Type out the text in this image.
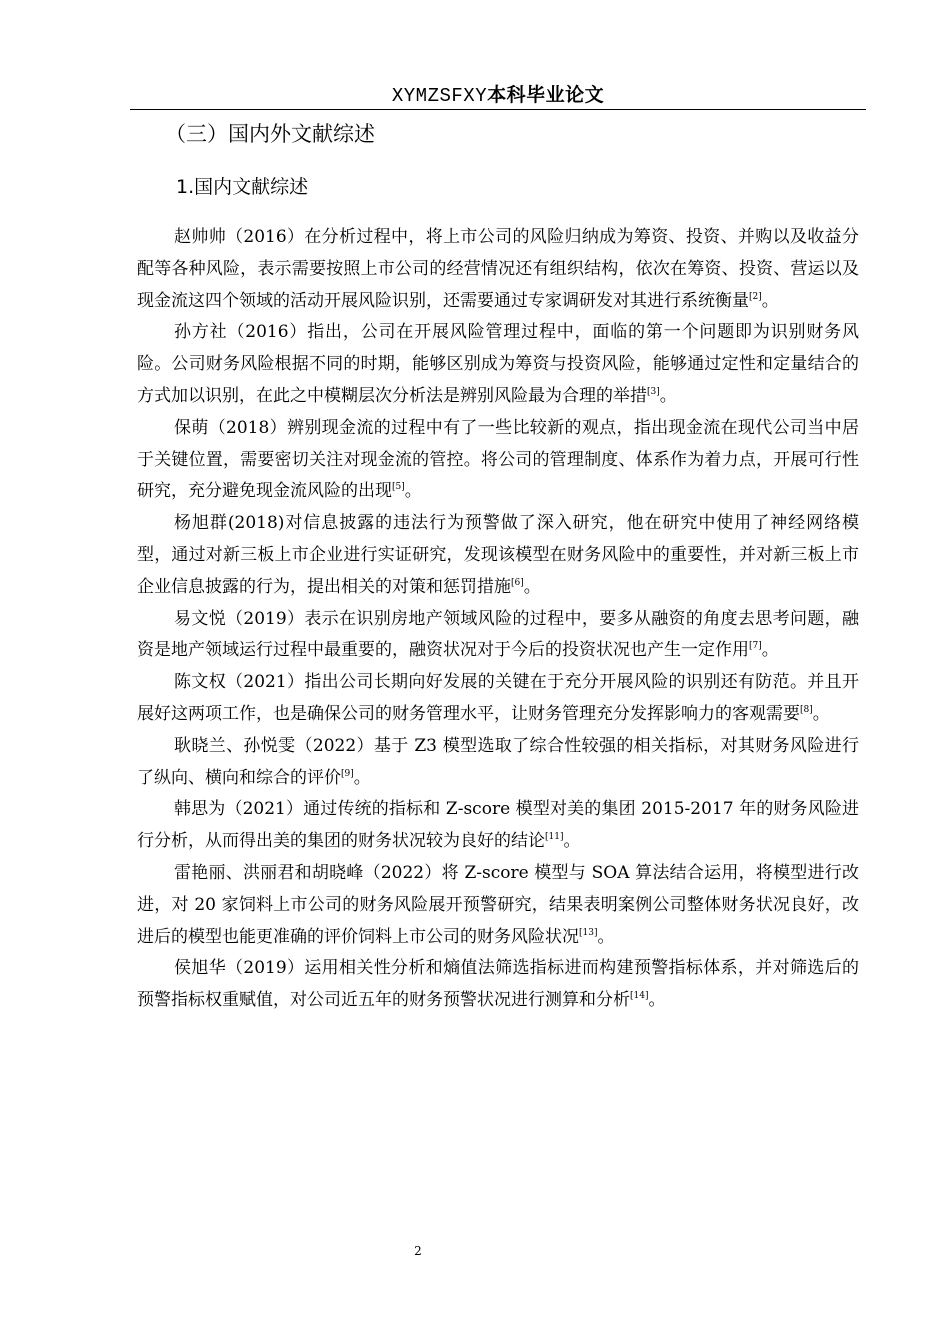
XYMZSFXY本科毕业论文
（三）国内外文献综述
1.国内文献综述

赵帅帅（2016）在分析过程中，将上市公司的风险归纳成为筹资、投资、并购以及收益分配等各种风险，表示需要按照上市公司的经营情况还有组织结构，依次在筹资、投资、营运以及现金流这四个领域的活动开展风险识别，还需要通过专家调研发对其进行系统衡量[2]。

孙方社（2016）指出，公司在开展风险管理过程中，面临的第一个问题即为识别财务风险。公司财务风险根据不同的时期，能够区别成为筹资与投资风险，能够通过定性和定量结合的方式加以识别，在此之中模糊层次分析法是辨别风险最为合理的举措[3]。

保萌（2018）辨别现金流的过程中有了一些比较新的观点，指出现金流在现代公司当中居于关键位置，需要密切关注对现金流的管控。将公司的管理制度、体系作为着力点，开展可行性研究，充分避免现金流风险的出现[5]。

杨旭群(2018)对信息披露的违法行为预警做了深入研究，他在研究中使用了神经网络模型，通过对新三板上市企业进行实证研究，发现该模型在财务风险中的重要性，并对新三板上市企业信息披露的行为，提出相关的对策和惩罚措施[6]。

易文悦（2019）表示在识别房地产领域风险的过程中，要多从融资的角度去思考问题，融资是地产领域运行过程中最重要的，融资状况对于今后的投资状况也产生一定作用[7]。

陈文权（2021）指出公司长期向好发展的关键在于充分开展风险的识别还有防范。并且开展好这两项工作，也是确保公司的财务管理水平，让财务管理充分发挥影响力的客观需要[8]。

耿晓兰、孙悦雯（2022）基于 Z3 模型选取了综合性较强的相关指标，对其财务风险进行了纵向、横向和综合的评价[9]。

韩思为（2021）通过传统的指标和 Z-score 模型对美的集团 2015-2017 年的财务风险进行分析，从而得出美的集团的财务状况较为良好的结论[11]。

雷艳丽、洪丽君和胡晓峰（2022）将 Z-score 模型与 SOA 算法结合运用，将模型进行改进，对 20 家饲料上市公司的财务风险展开预警研究，结果表明案例公司整体财务状况良好，改进后的模型也能更准确的评价饲料上市公司的财务风险状况[13]。

侯旭华（2019）运用相关性分析和熵值法筛选指标进而构建预警指标体系，并对筛选后的预警指标权重赋值，对公司近五年的财务预警状况进行测算和分析[14]。

2
